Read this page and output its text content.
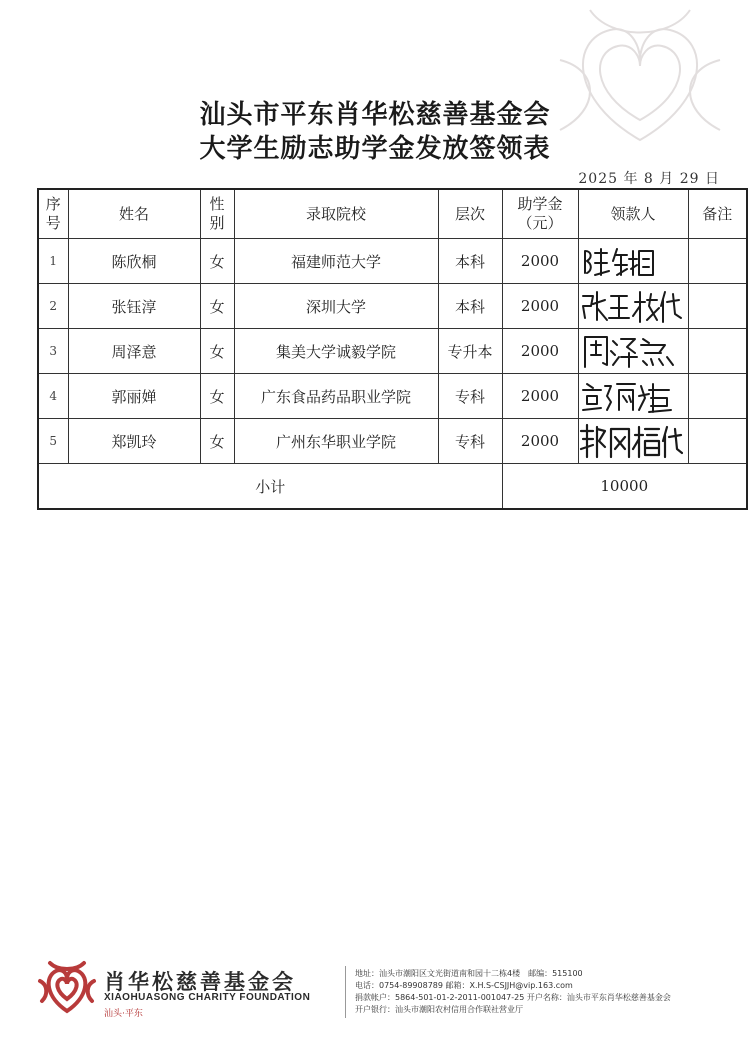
汕头市平东肖华松慈善基金会
大学生励志助学金发放签领表
2025 年 8 月 29 日
序号	姓名	性别	录取院校	层次	助学金（元）	领款人	备注
1	陈欣桐	女	福建师范大学	本科	2000	

2	张钰淳	女	深圳大学	本科	2000	

3	周泽意	女	集美大学诚毅学院	专升本	2000	

4	郭丽婵	女	广东食品药品职业学院	专科	2000	

5	郑凯玲	女	广州东华职业学院	专科	2000	

小计					10000		
肖华松慈善基金会
XIAOHUASONG CHARITY FOUNDATION
汕头·平东
地址：汕头市潮阳区文光街道南和园十二栋4楼　邮编：515100
电话：0754-89908789 邮箱：X.H.S-CSJJH@vip.163.com
捐款帐户：5864-501-01-2-2011-001047-25 开户名称：汕头市平东肖华松慈善基金会
开户银行：汕头市潮阳农村信用合作联社营业厅
